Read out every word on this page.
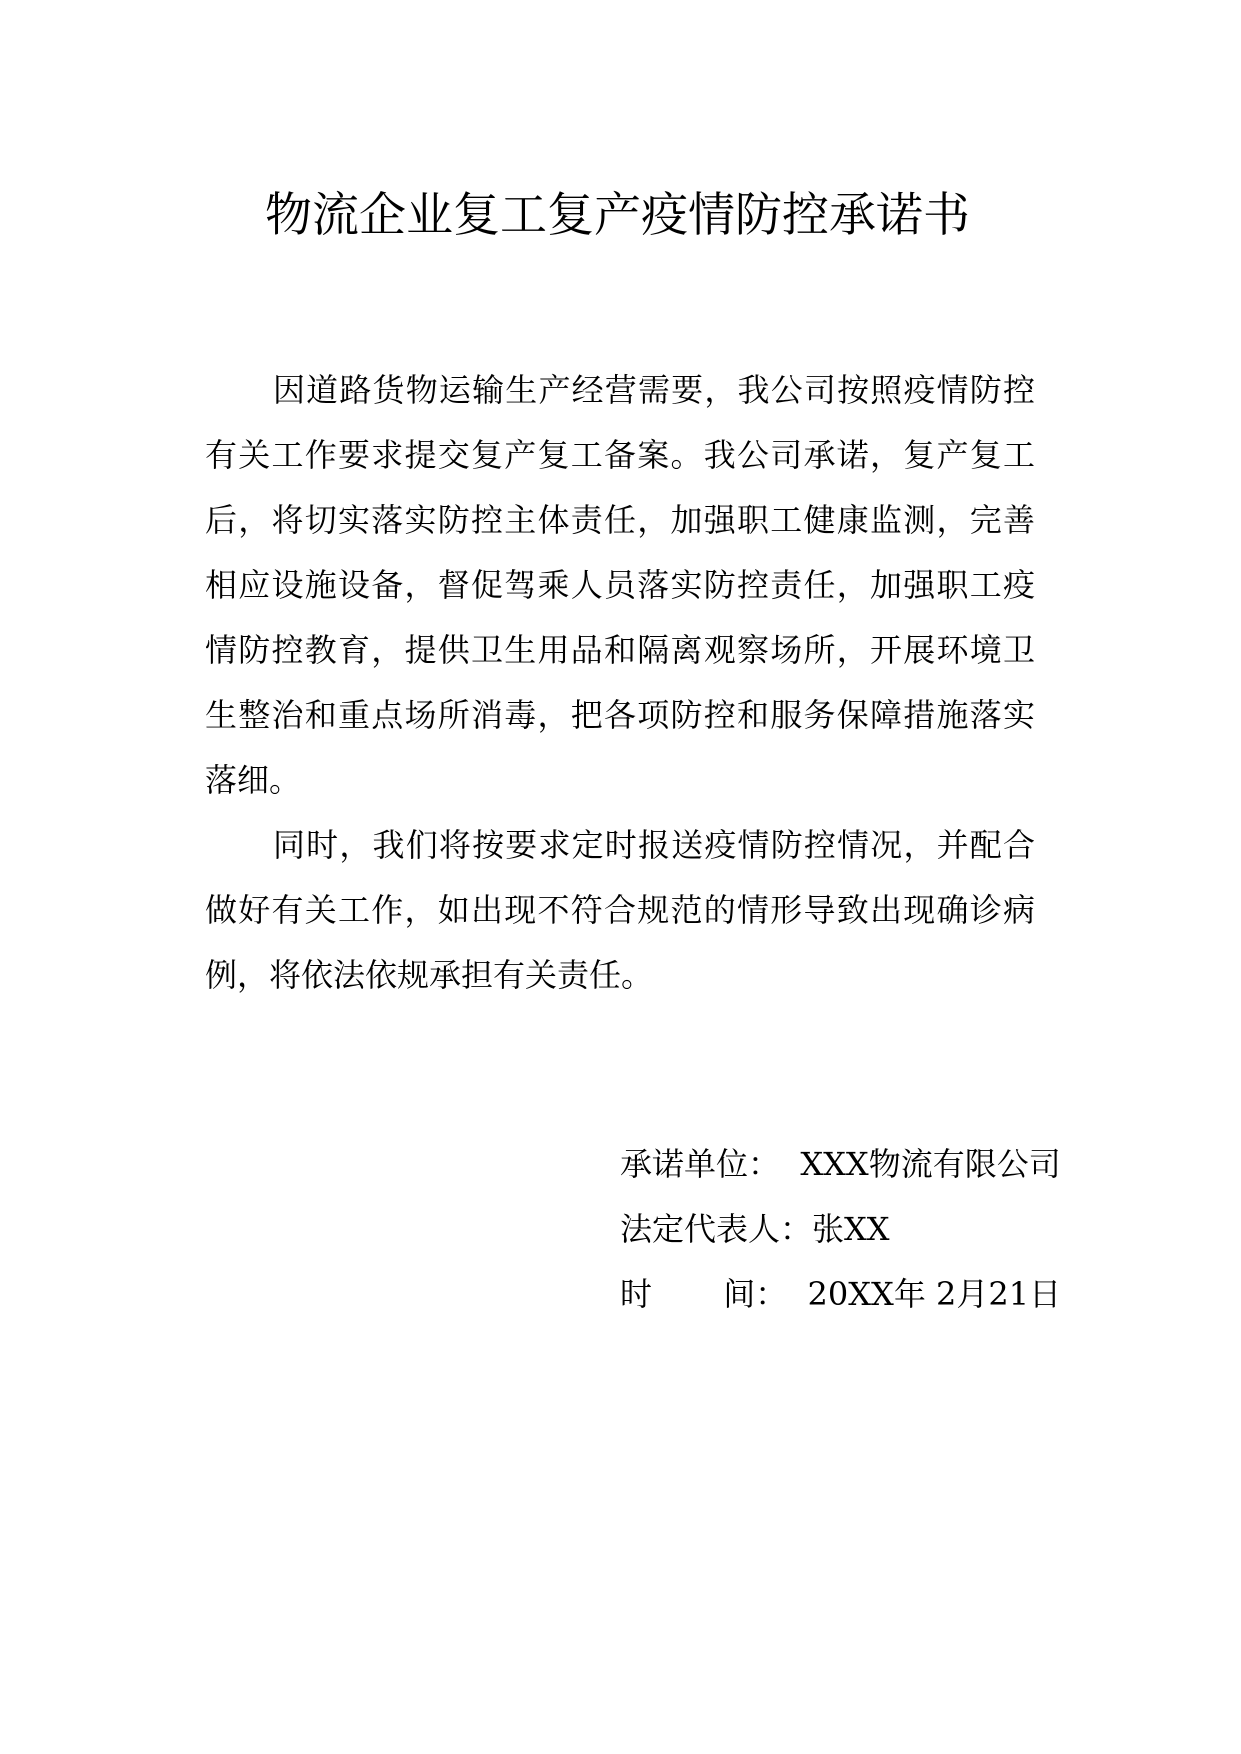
物流企业复工复产疫情防控承诺书

因道路货物运输生产经营需要，我公司按照疫情防控有关工作要求提交复产复工备案。我公司承诺，复产复工后，将切实落实防控主体责任，加强职工健康监测，完善相应设施设备，督促驾乘人员落实防控责任，加强职工疫情防控教育，提供卫生用品和隔离观察场所，开展环境卫生整治和重点场所消毒，把各项防控和服务保障措施落实落细。

同时，我们将按要求定时报送疫情防控情况，并配合做好有关工作，如出现不符合规范的情形导致出现确诊病例，将依法依规承担有关责任。

承诺单位：  XXX物流有限公司
法定代表人：张XX
时       间：  20XX年 2月21日
